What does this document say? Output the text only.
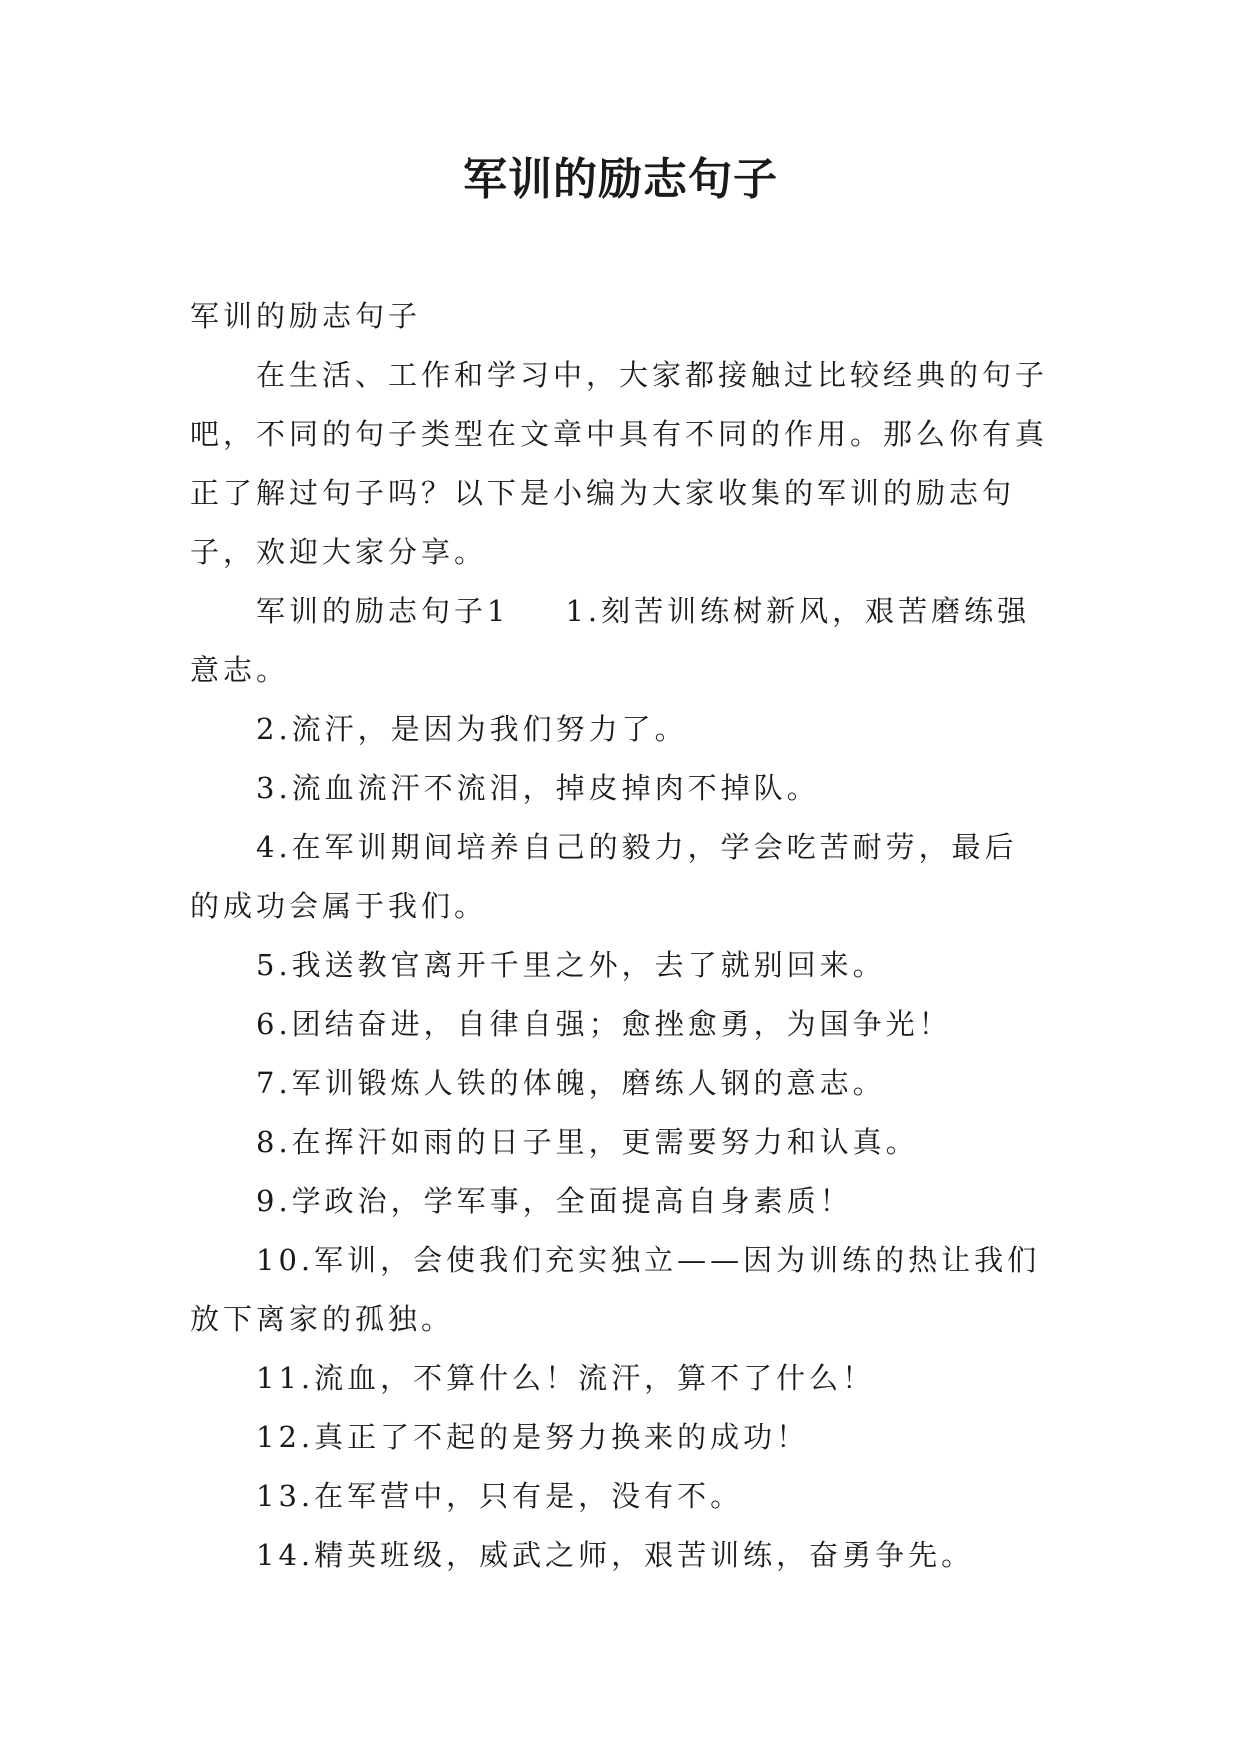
军训的励志句子

军训的励志句子

在生活、工作和学习中，大家都接触过比较经典的句子吧，不同的句子类型在文章中具有不同的作用。那么你有真正了解过句子吗？以下是小编为大家收集的军训的励志句子，欢迎大家分享。

军训的励志句子1 1.刻苦训练树新风，艰苦磨练强意志。

2.流汗，是因为我们努力了。

3.流血流汗不流泪，掉皮掉肉不掉队。

4.在军训期间培养自己的毅力，学会吃苦耐劳，最后的成功会属于我们。

5.我送教官离开千里之外，去了就别回来。

6.团结奋进，自律自强；愈挫愈勇，为国争光！

7.军训锻炼人铁的体魄，磨练人钢的意志。

8.在挥汗如雨的日子里，更需要努力和认真。

9.学政治，学军事，全面提高自身素质！

10.军训，会使我们充实独立——因为训练的热让我们放下离家的孤独。

11.流血，不算什么！流汗，算不了什么！

12.真正了不起的是努力换来的成功！

13.在军营中，只有是，没有不。

14.精英班级，威武之师，艰苦训练，奋勇争先。
